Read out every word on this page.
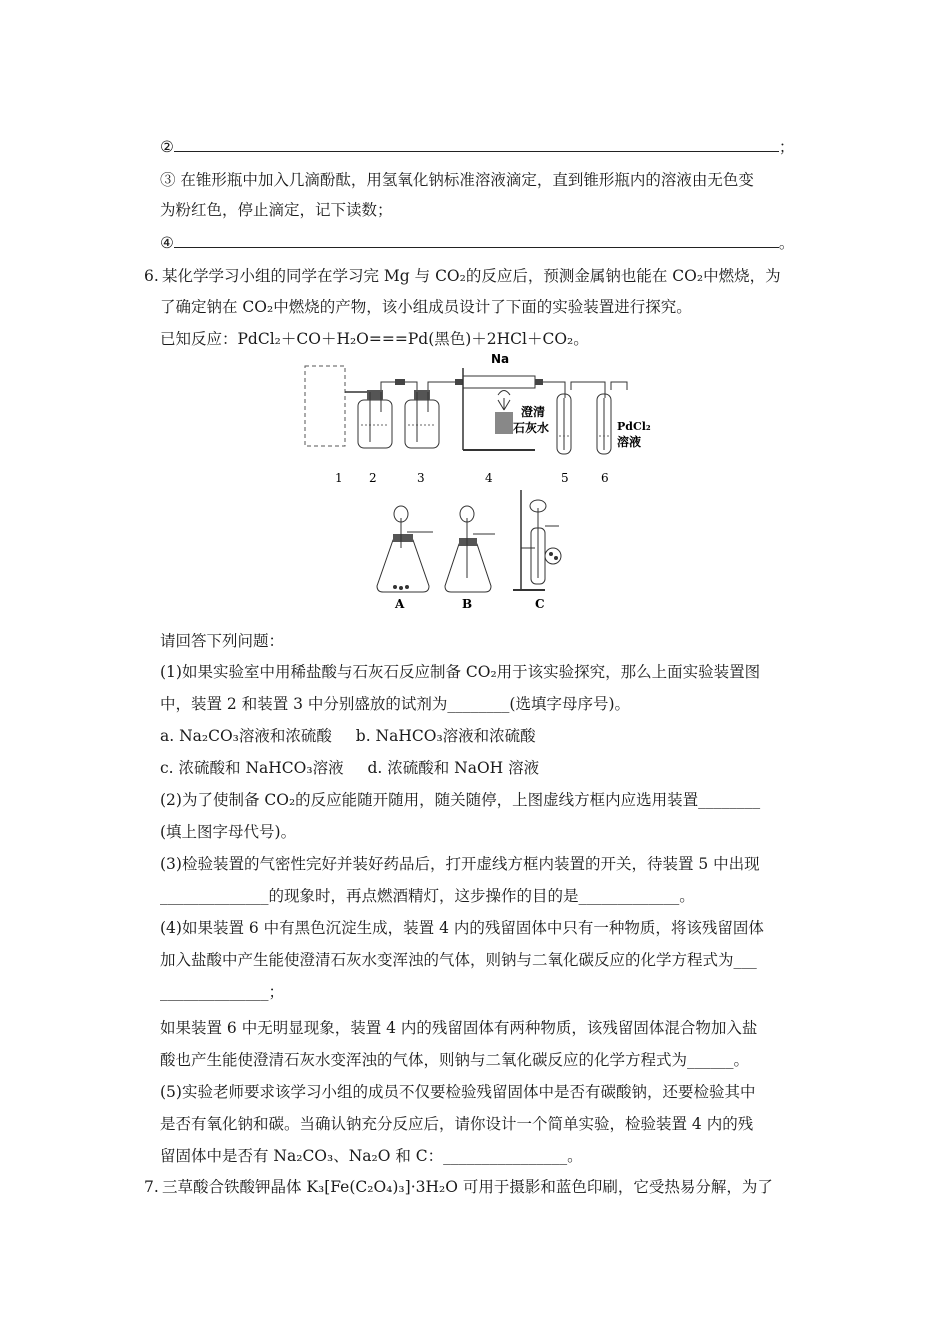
②	；
③ 在锥形瓶中加入几滴酚酞，用氢氧化钠标准溶液滴定，直到锥形瓶内的溶液由无色变
为粉红色，停止滴定，记下读数；
④	。
6. 某化学学习小组的同学在学习完 Mg 与 CO₂的反应后，预测金属钠也能在 CO₂中燃烧，为
了确定钠在 CO₂中燃烧的产物，该小组成员设计了下面的实验装置进行探究。
已知反应：PdCl₂＋CO＋H₂O===Pd(黑色)＋2HCl＋CO₂。
Na
澄清
石灰水	PdCl₂
溶液
1 2	3	4	5	6
A	B	C
请回答下列问题：
(1)如果实验室中用稀盐酸与石灰石反应制备 CO₂用于该实验探究，那么上面实验装置图
中，装置 2 和装置 3 中分别盛放的试剂为________(选填字母序号)。
a. Na₂CO₃溶液和浓硫酸 b. NaHCO₃溶液和浓硫酸
c. 浓硫酸和 NaHCO₃溶液 d. 浓硫酸和 NaOH 溶液
(2)为了使制备 CO₂的反应能随开随用，随关随停，上图虚线方框内应选用装置________
(填上图字母代号)。
(3)检验装置的气密性完好并装好药品后，打开虚线方框内装置的开关，待装置 5 中出现
______________的现象时，再点燃酒精灯，这步操作的目的是_____________。
(4)如果装置 6 中有黑色沉淀生成，装置 4 内的残留固体中只有一种物质，将该残留固体
加入盐酸中产生能使澄清石灰水变浑浊的气体，则钠与二氧化碳反应的化学方程式为___
______________；
如果装置 6 中无明显现象，装置 4 内的残留固体有两种物质，该残留固体混合物加入盐
酸也产生能使澄清石灰水变浑浊的气体，则钠与二氧化碳反应的化学方程式为______。
(5)实验老师要求该学习小组的成员不仅要检验残留固体中是否有碳酸钠，还要检验其中
是否有氧化钠和碳。当确认钠充分反应后，请你设计一个简单实验，检验装置 4 内的残
留固体中是否有 Na₂CO₃、Na₂O 和 C：________________。
7. 三草酸合铁酸钾晶体 K₃[Fe(C₂O₄)₃]·3H₂O 可用于摄影和蓝色印刷，它受热易分解，为了
